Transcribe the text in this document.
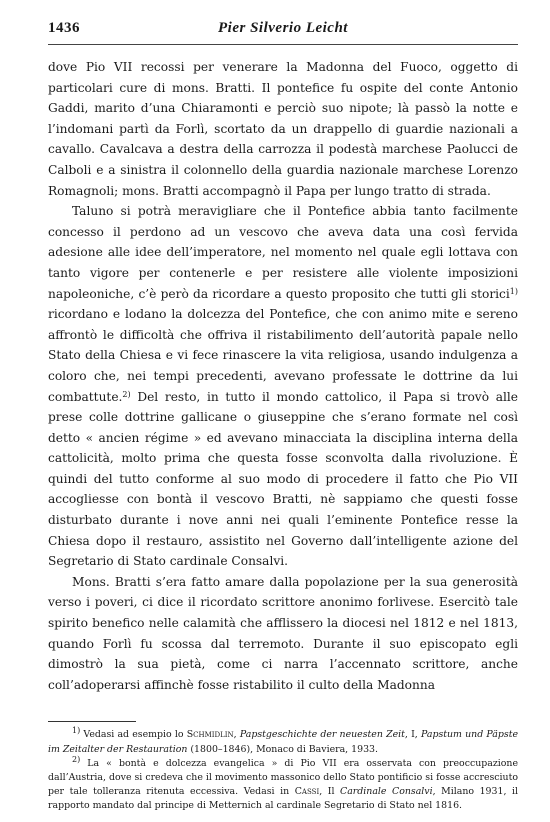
1436	Pier Silverio Leicht

dove Pio VII recossi per venerare la Madonna del Fuoco, oggetto di particolari cure di mons. Bratti. Il pontefice fu ospite del conte Antonio Gaddi, marito d’una Chiaramonti e perciò suo nipote; là passò la notte e l’indomani partì da Forlì, scortato da un drappello di guardie nazionali a cavallo. Cavalcava a destra della carrozza il podestà marchese Paolucci de Calboli e a sinistra il colonnello della guardia nazionale marchese Lorenzo Romagnoli; mons. Bratti accompagnò il Papa per lungo tratto di strada.

Taluno si potrà meravigliare che il Pontefice abbia tanto facilmente concesso il perdono ad un vescovo che aveva data una così fervida adesione alle idee dell’imperatore, nel momento nel quale egli lottava con tanto vigore per contenerle e per resistere alle violente imposizioni napoleoniche, c’è però da ricordare a questo proposito che tutti gli storici$^{1)}$ ricordano e lodano la dolcezza del Pontefice, che con animo mite e sereno affrontò le difficoltà che offriva il ristabilimento dell’autorità papale nello Stato della Chiesa e vi fece rinascere la vita religiosa, usando indulgenza a coloro che, nei tempi precedenti, avevano professate le dottrine da lui combattute.$^{2)}$ Del resto, in tutto il mondo cattolico, il Papa si trovò alle prese colle dottrine gallicane o giuseppine che s’erano formate nel così detto « ancien régime » ed avevano minacciata la disciplina interna della cattolicità, molto prima che questa fosse sconvolta dalla rivoluzione. È quindi del tutto conforme al suo modo di procedere il fatto che Pio VII accogliesse con bontà il vescovo Bratti, nè sappiamo che questi fosse disturbato durante i nove anni nei quali l’eminente Pontefice resse la Chiesa dopo il restauro, assistito nel Governo dall’intelligente azione del Segretario di Stato cardinale Consalvi.

Mons. Bratti s’era fatto amare dalla popolazione per la sua generosità verso i poveri, ci dice il ricordato scrittore anonimo forlivese. Esercitò tale spirito benefico nelle calamità che afflissero la diocesi nel 1812 e nel 1813, quando Forlì fu scossa dal terremoto. Durante il suo episcopato egli dimostrò la sua pietà, come ci narra l’accennato scrittore, anche coll’adoperarsi affinchè fosse ristabilito il culto della Madonna

1) Vedasi ad esempio lo Schmidlin, Papstgeschichte der neuesten Zeit, I, Papstum und Päpste im Zeitalter der Restauration (1800–1846), Monaco di Baviera, 1933.

2) La « bontà e dolcezza evangelica » di Pio VII era osservata con preoccupazione dall’Austria, dove si credeva che il movimento massonico dello Stato pontificio si fosse accresciuto per tale tolleranza ritenuta eccessiva. Vedasi in Cassi, Il Cardinale Consalvi, Milano 1931, il rapporto mandato dal principe di Metternich al cardinale Segretario di Stato nel 1816.
